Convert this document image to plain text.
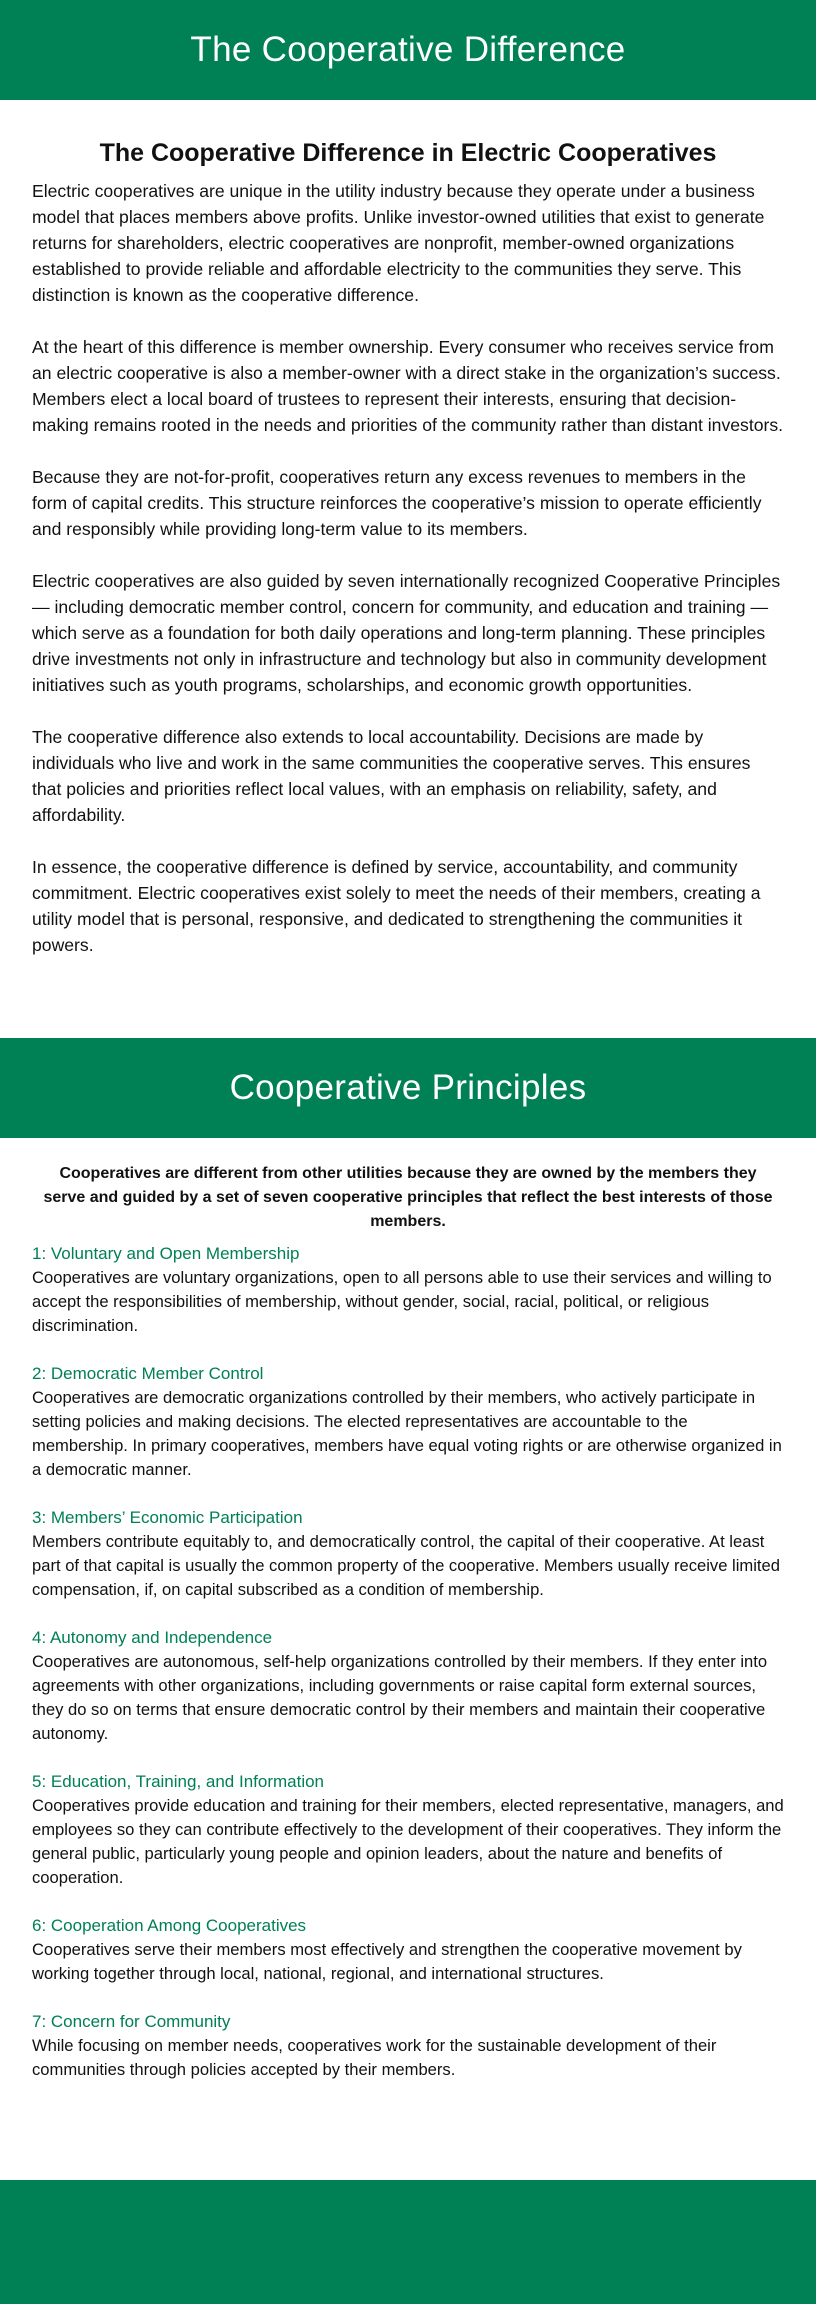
The Cooperative Difference
The Cooperative Difference in Electric Cooperatives

Electric cooperatives are unique in the utility industry because they operate under a business model that places members above profits. Unlike investor-owned utilities that exist to generate returns for shareholders, electric cooperatives are nonprofit, member-owned organizations established to provide reliable and affordable electricity to the communities they serve. This distinction is known as the cooperative difference.

At the heart of this difference is member ownership. Every consumer who receives service from an electric cooperative is also a member-owner with a direct stake in the organization’s success. Members elect a local board of trustees to represent their interests, ensuring that decision-making remains rooted in the needs and priorities of the community rather than distant investors.

Because they are not-for-profit, cooperatives return any excess revenues to members in the form of capital credits. This structure reinforces the cooperative’s mission to operate efficiently and responsibly while providing long-term value to its members.

Electric cooperatives are also guided by seven internationally recognized Cooperative Principles — including democratic member control, concern for community, and education and training — which serve as a foundation for both daily operations and long-term planning. These principles drive investments not only in infrastructure and technology but also in community development initiatives such as youth programs, scholarships, and economic growth opportunities.

The cooperative difference also extends to local accountability. Decisions are made by individuals who live and work in the same communities the cooperative serves. This ensures that policies and priorities reflect local values, with an emphasis on reliability, safety, and affordability.

In essence, the cooperative difference is defined by service, accountability, and community commitment. Electric cooperatives exist solely to meet the needs of their members, creating a utility model that is personal, responsive, and dedicated to strengthening the communities it powers.

Cooperative Principles

Cooperatives are different from other utilities because they are owned by the members they serve and guided by a set of seven cooperative principles that reflect the best interests of those members.

1: Voluntary and Open Membership
Cooperatives are voluntary organizations, open to all persons able to use their services and willing to accept the responsibilities of membership, without gender, social, racial, political, or religious discrimination.
2: Democratic Member Control
Cooperatives are democratic organizations controlled by their members, who actively participate in setting policies and making decisions. The elected representatives are accountable to the membership. In primary cooperatives, members have equal voting rights or are otherwise organized in a democratic manner.
3: Members’ Economic Participation
Members contribute equitably to, and democratically control, the capital of their cooperative. At least part of that capital is usually the common property of the cooperative. Members usually receive limited compensation, if, on capital subscribed as a condition of membership.
4: Autonomy and Independence
Cooperatives are autonomous, self-help organizations controlled by their members. If they enter into agreements with other organizations, including governments or raise capital form external sources, they do so on terms that ensure democratic control by their members and maintain their cooperative autonomy.
5: Education, Training, and Information
Cooperatives provide education and training for their members, elected representative, managers, and employees so they can contribute effectively to the development of their cooperatives. They inform the general public, particularly young people and opinion leaders, about the nature and benefits of cooperation.
6: Cooperation Among Cooperatives
Cooperatives serve their members most effectively and strengthen the cooperative movement by working together through local, national, regional, and international structures.
7: Concern for Community
While focusing on member needs, cooperatives work for the sustainable development of their communities through policies accepted by their members.
